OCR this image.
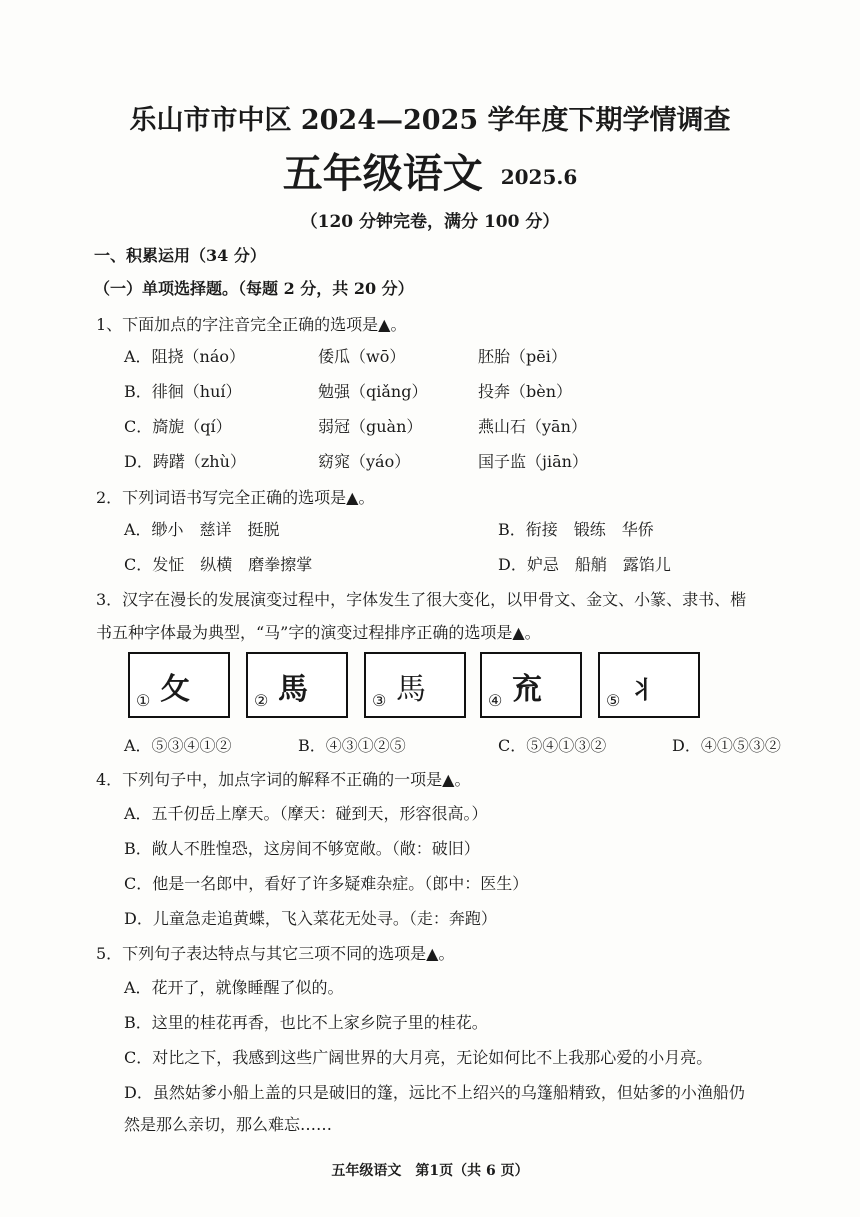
乐山市市中区 2024—2025 学年度下期学情调查
五年级语文 2025.6
（120 分钟完卷，满分 100 分）
一、积累运用（34 分）
（一）单项选择题。（每题 2 分，共 20 分）
1、下面加点的字注音完全正确的选项是▲。
A．阻挠（náo）	倭瓜（wō）	胚胎（pēi）
B．徘徊（huí）	勉强（qiǎng）	投奔（bèn）
C．旖旎（qí）	弱冠（guàn）	燕山石（yān）
D．踌躇（zhù）	窈窕（yáo）	国子监（jiān）
2．下列词语书写完全正确的选项是▲。
A．缈小　慈详　挺脱	B．衔接　锻练　华侨
C．发怔　纵横　磨拳擦掌	D．妒忌　船艄　露馅儿
3．汉字在漫长的发展演变过程中，字体发生了很大变化，以甲骨文、金文、小篆、隶书、楷
书五种字体最为典型，“马”字的演变过程排序正确的选项是▲。
① ⺙	② 馬	③ 馬	④ 㐬	⑤ 丬
A．⑤③④①②	B．④③①②⑤	C．⑤④①③②	D．④①⑤③②
4．下列句子中，加点字词的解释不正确的一项是▲。
A．五千仞岳上摩天。（摩天：碰到天，形容很高。）
B．敞人不胜惶恐，这房间不够宽敞。（敞：破旧）
C．他是一名郎中，看好了许多疑难杂症。（郎中：医生）
D．儿童急走追黄蝶，飞入菜花无处寻。（走：奔跑）
5．下列句子表达特点与其它三项不同的选项是▲。
A．花开了，就像睡醒了似的。
B．这里的桂花再香，也比不上家乡院子里的桂花。
C．对比之下，我感到这些广阔世界的大月亮，无论如何比不上我那心爱的小月亮。
D．虽然姑爹小船上盖的只是破旧的篷，远比不上绍兴的乌篷船精致，但姑爹的小渔船仍
然是那么亲切，那么难忘……
五年级语文　第1页（共 6 页）
